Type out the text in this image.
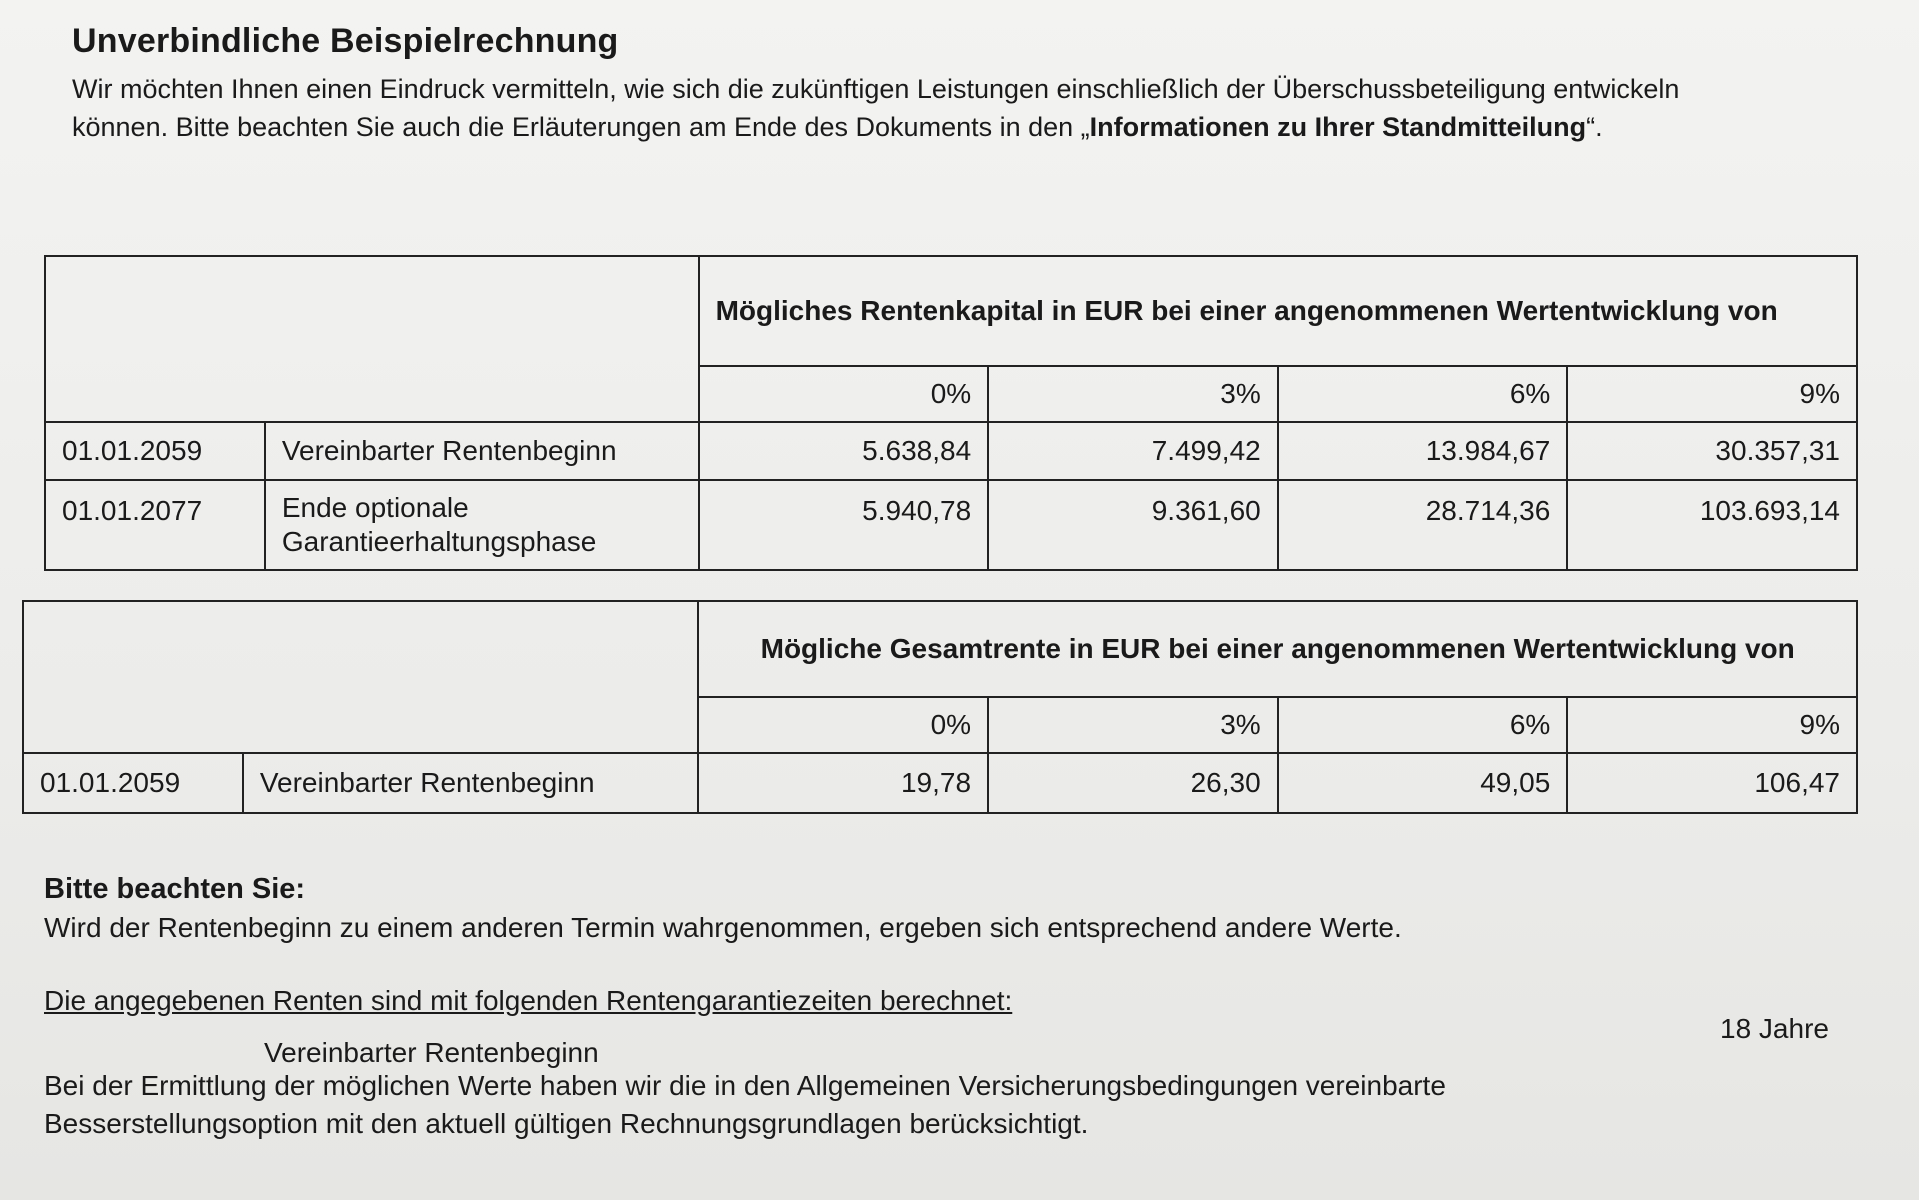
Unverbindliche Beispielrechnung
Wir möchten Ihnen einen Eindruck vermitteln, wie sich die zukünftigen Leistungen einschließlich der Überschussbeteiligung entwickeln können. Bitte beachten Sie auch die Erläuterungen am Ende des Dokuments in den „Informationen zu Ihrer Standmitteilung“.
		Mögliches Rentenkapital in EUR bei einer angenommenen Wertentwicklung von			
		0%	3%	6%	9%
01.01.2059	Vereinbarter Rentenbeginn	5.638,84	7.499,42	13.984,67	30.357,31
01.01.2077	Ende optionale Garantieerhaltungsphase	5.940,78	9.361,60	28.714,36	103.693,14
		Mögliche Gesamtrente in EUR bei einer angenommenen Wertentwicklung von			
		0%	3%	6%	9%
01.01.2059	Vereinbarter Rentenbeginn	19,78	26,30	49,05	106,47
Bitte beachten Sie:
Wird der Rentenbeginn zu einem anderen Termin wahrgenommen, ergeben sich entsprechend andere Werte.
Die angegebenen Renten sind mit folgenden Rentengarantiezeiten berechnet:
Vereinbarter Rentenbeginn
18 Jahre
Bei der Ermittlung der möglichen Werte haben wir die in den Allgemeinen Versicherungsbedingungen vereinbarte Besserstellungsoption mit den aktuell gültigen Rechnungsgrundlagen berücksichtigt.
